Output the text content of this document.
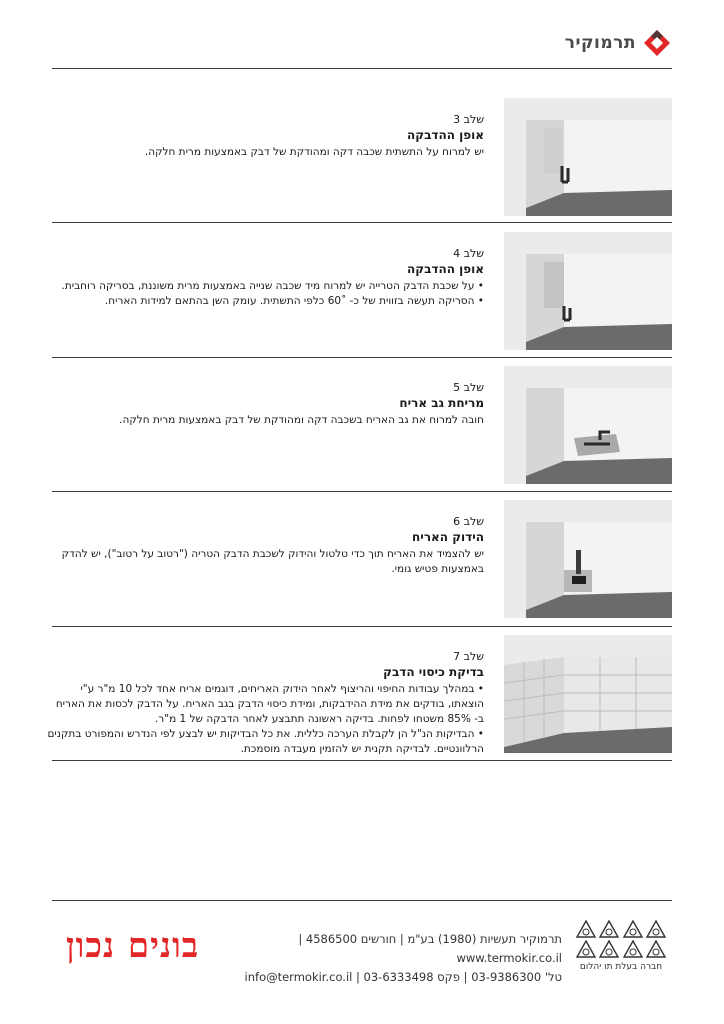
תרמוקיר
שלב 3
אופן ההדבקה

יש למרוח על התשתית שכבה דקה ומהודקת של דבק באמצעות מרית חלקה.

שלב 4
אופן ההדבקה

• על שכבת הדבק הטרייה יש למרוח מיד שכבה שנייה באמצעות מרית משוננת, בסריקה רוחבית.

• הסריקה תעשה בזווית של כ- ˚60 כלפי התשתית. עומק השן בהתאם למידות האריח.

שלב 5
מריחת גב אריח

חובה למרוח את גב האריח בשכבה דקה ומהודקת של דבק באמצעות מרית חלקה.

שלב 6
הידוק האריח

יש להצמיד את האריח תוך כדי טלטול והידוק לשכבת הדבק הטריה ("רטוב על רטוב"), יש להדק באמצעות פטיש גומי.

שלב 7
בדיקת כיסוי הדבק

• במהלך עבודות החיפוי והריצוף לאחר הידוק האריחים, דוגמים אריח אחד לכל 10 מ"ר ע"י הוצאתו, בודקים את מידת ההידבקות, ומידת כיסוי הדבק בגב האריח. על הדבק לכסות את האריח ב- 85% משטחו לפחות. בדיקה ראשונה תתבצע לאחר הדבקה של 1 מ"ר.

• הבדיקות הנ"ל הן לקבלת הערכה כללית. את כל הבדיקות יש לבצע לפי הנדרש והמפורט בתקנים הרלוונטיים. לבדיקה תקנית יש להזמין מעבדה מוסמכת.

בונים נכון	תרמוקיר תעשיות (1980) בע"מ | חורשים 4586500 | www.termokir.co.il
טל' 03-9386300 | פקס 03-6333498 | info@termokir.co.il
חברה בעלת תו יהלום
